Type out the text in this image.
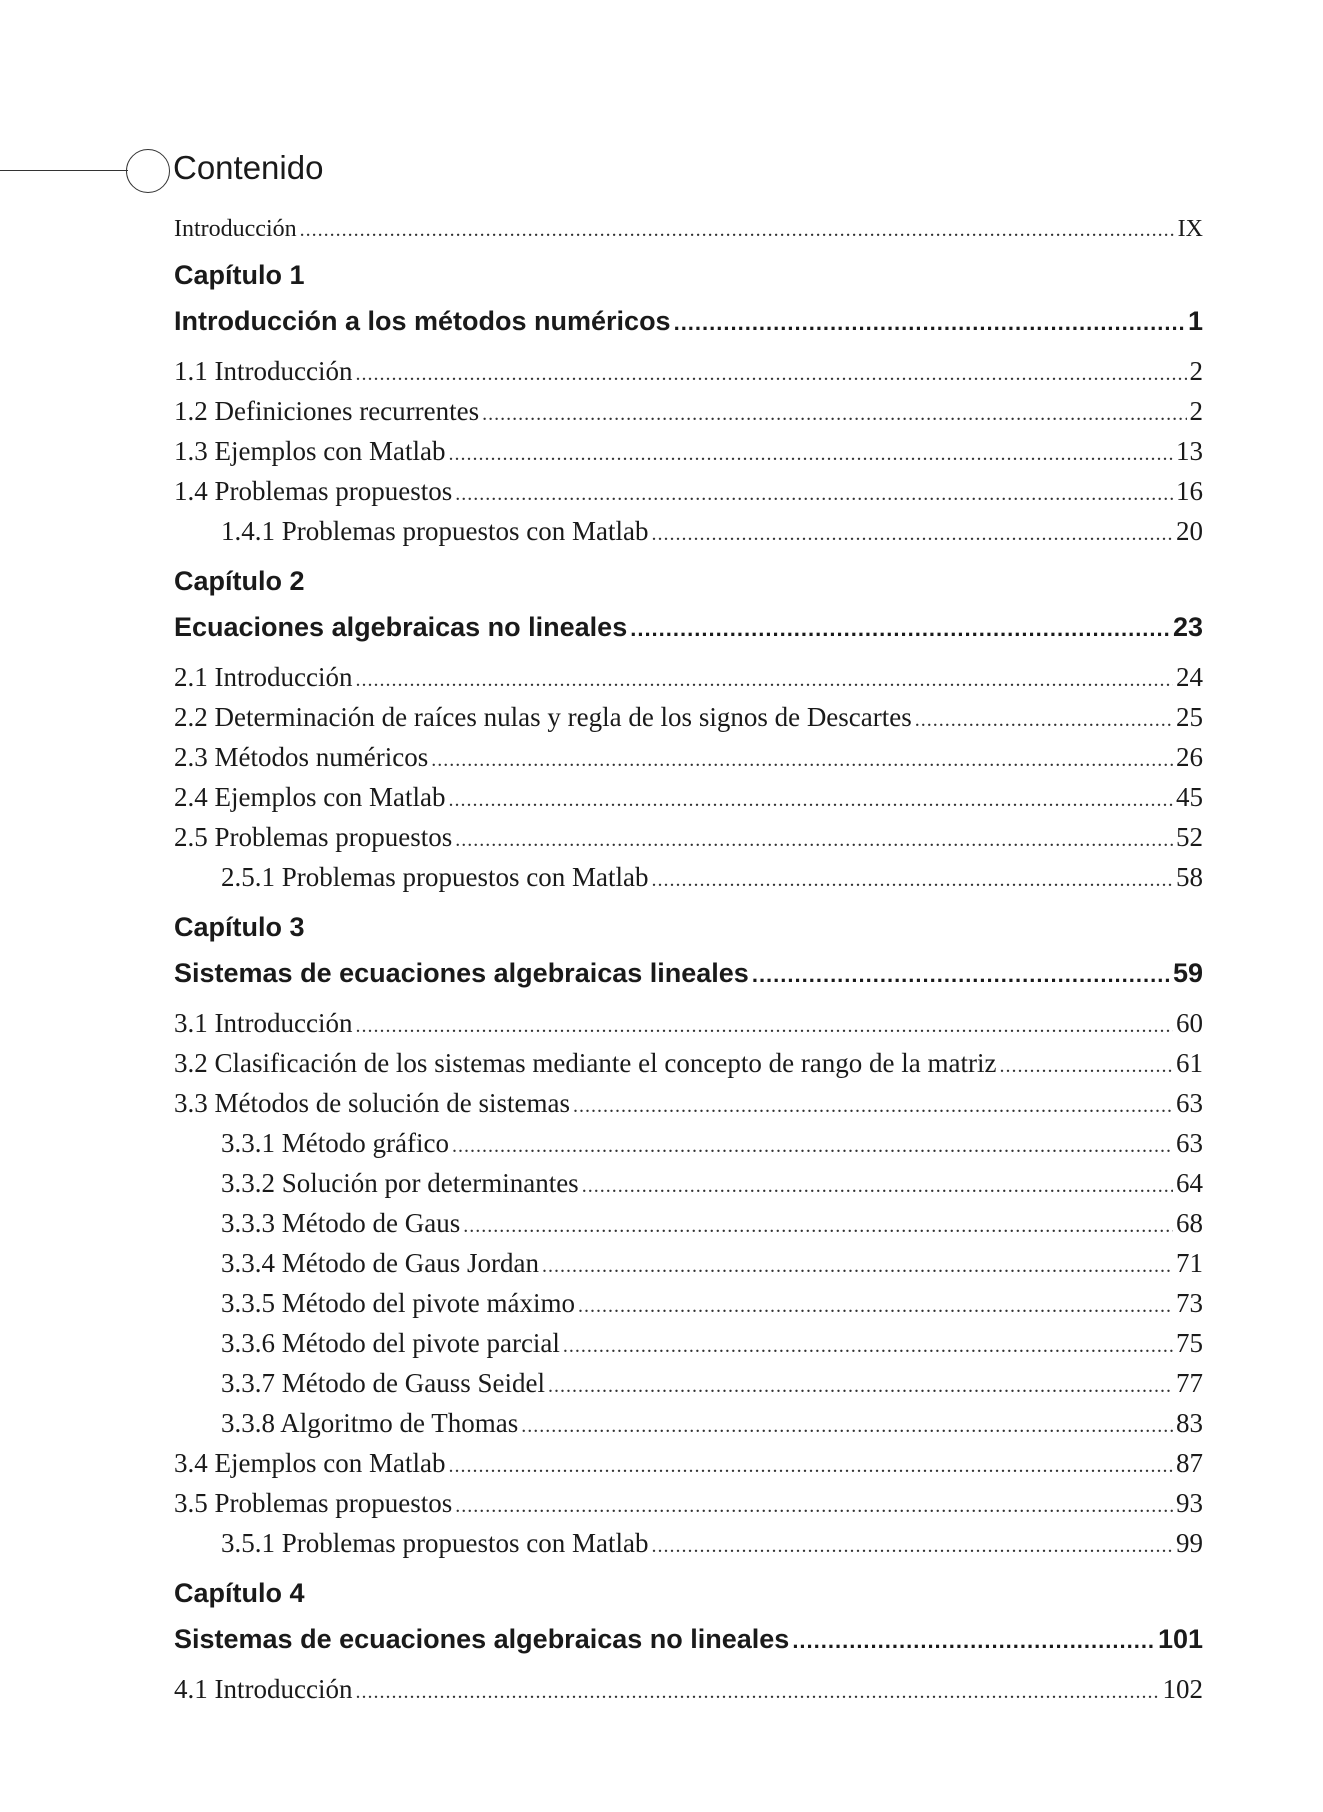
Contenido
Introducción .....	IX
Capítulo 1
Introducción a los métodos numéricos .....	1
1.1 Introducción .....	2
1.2 Definiciones recurrentes .....	2
1.3 Ejemplos con Matlab .....	13
1.4 Problemas propuestos .....	16
1.4.1 Problemas propuestos con Matlab .....	20
Capítulo 2
Ecuaciones algebraicas no lineales .....	23
2.1 Introducción .....	24
2.2 Determinación de raíces nulas y regla de los signos de Descartes .....	25
2.3 Métodos numéricos .....	26
2.4 Ejemplos con Matlab .....	45
2.5 Problemas propuestos .....	52
2.5.1 Problemas propuestos con Matlab .....	58
Capítulo 3
Sistemas de ecuaciones algebraicas lineales .....	59
3.1 Introducción .....	60
3.2 Clasificación de los sistemas mediante el concepto de rango de la matriz .....	61
3.3 Métodos de solución de sistemas .....	63
3.3.1 Método gráfico .....	63
3.3.2 Solución por determinantes .....	64
3.3.3 Método de Gaus .....	68
3.3.4 Método de Gaus Jordan .....	71
3.3.5 Método del pivote máximo .....	73
3.3.6 Método del pivote parcial .....	75
3.3.7 Método de Gauss Seidel .....	77
3.3.8 Algoritmo de Thomas .....	83
3.4 Ejemplos con Matlab .....	87
3.5 Problemas propuestos .....	93
3.5.1 Problemas propuestos con Matlab .....	99
Capítulo 4
Sistemas de ecuaciones algebraicas no lineales .....	101
4.1 Introducción .....	102
